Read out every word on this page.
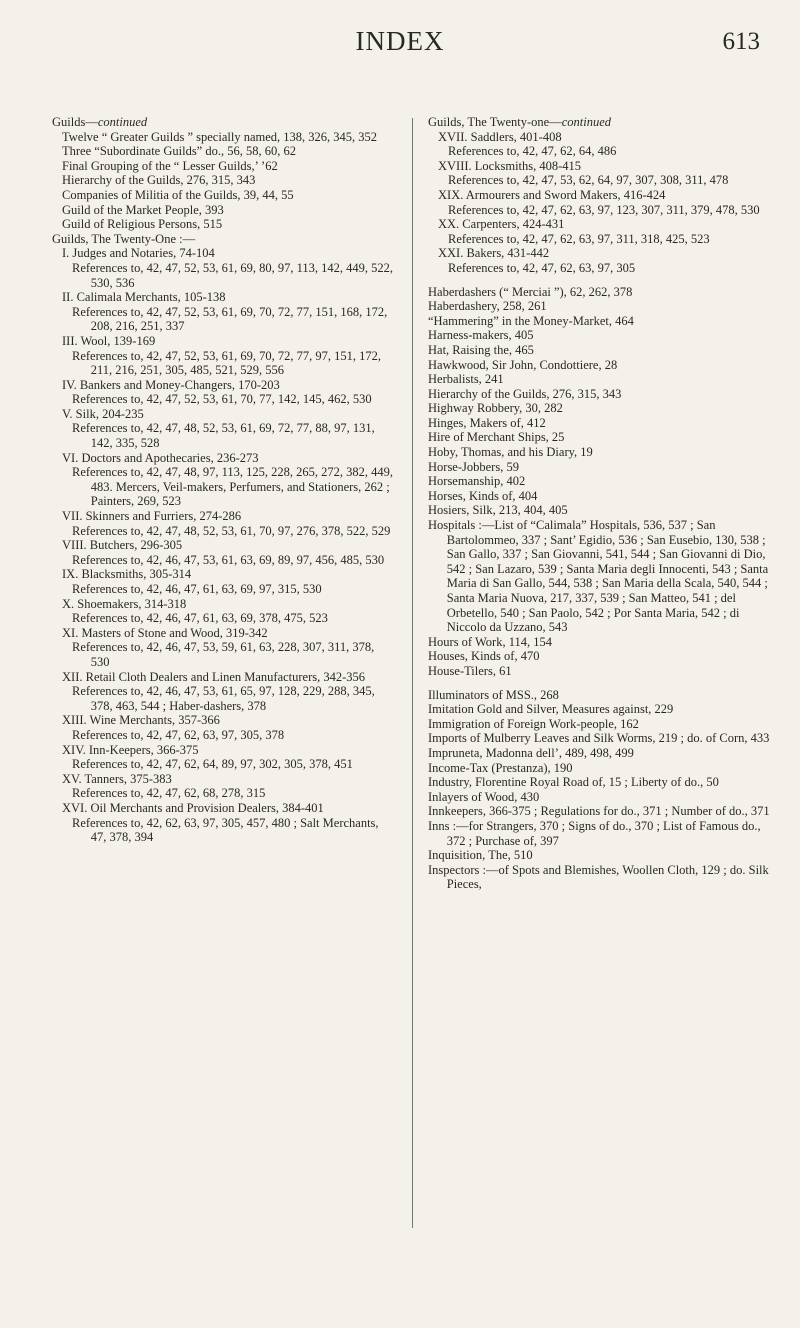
INDEX	613

Guilds—continued

Twelve “ Greater Guilds ” specially named, 138, 326, 345, 352

Three “Subordinate Guilds” do., 56, 58, 60, 62

Final Grouping of the “ Lesser Guilds,’ ’62

Hierarchy of the Guilds, 276, 315, 343

Companies of Militia of the Guilds, 39, 44, 55

Guild of the Market People, 393

Guild of Religious Persons, 515

Guilds, The Twenty-One :—

I. Judges and Notaries, 74-104

References to, 42, 47, 52, 53, 61, 69, 80, 97, 113, 142, 449, 522, 530, 536

II. Calimala Merchants, 105-138

References to, 42, 47, 52, 53, 61, 69, 70, 72, 77, 151, 168, 172, 208, 216, 251, 337

III. Wool, 139-169

References to, 42, 47, 52, 53, 61, 69, 70, 72, 77, 97, 151, 172, 211, 216, 251, 305, 485, 521, 529, 556

IV. Bankers and Money-Changers, 170-203

References to, 42, 47, 52, 53, 61, 70, 77, 142, 145, 462, 530

V. Silk, 204-235

References to, 42, 47, 48, 52, 53, 61, 69, 72, 77, 88, 97, 131, 142, 335, 528

VI. Doctors and Apothecaries, 236-273

References to, 42, 47, 48, 97, 113, 125, 228, 265, 272, 382, 449, 483. Mercers, Veil-makers, Perfumers, and Stationers, 262 ; Painters, 269, 523

VII. Skinners and Furriers, 274-286

References to, 42, 47, 48, 52, 53, 61, 70, 97, 276, 378, 522, 529

VIII. Butchers, 296-305

References to, 42, 46, 47, 53, 61, 63, 69, 89, 97, 456, 485, 530

IX. Blacksmiths, 305-314

References to, 42, 46, 47, 61, 63, 69, 97, 315, 530

X. Shoemakers, 314-318

References to, 42, 46, 47, 61, 63, 69, 378, 475, 523

XI. Masters of Stone and Wood, 319-342

References to, 42, 46, 47, 53, 59, 61, 63, 228, 307, 311, 378, 530

XII. Retail Cloth Dealers and Linen Manufacturers, 342-356

References to, 42, 46, 47, 53, 61, 65, 97, 128, 229, 288, 345, 378, 463, 544 ; Haber-dashers, 378

XIII. Wine Merchants, 357-366

References to, 42, 47, 62, 63, 97, 305, 378

XIV. Inn-Keepers, 366-375

References to, 42, 47, 62, 64, 89, 97, 302, 305, 378, 451

XV. Tanners, 375-383

References to, 42, 47, 62, 68, 278, 315

XVI. Oil Merchants and Provision Dealers, 384-401

References to, 42, 62, 63, 97, 305, 457, 480 ; Salt Merchants, 47, 378, 394

Guilds, The Twenty-one—continued

XVII. Saddlers, 401-408

References to, 42, 47, 62, 64, 486

XVIII. Locksmiths, 408-415

References to, 42, 47, 53, 62, 64, 97, 307, 308, 311, 478

XIX. Armourers and Sword Makers, 416-424

References to, 42, 47, 62, 63, 97, 123, 307, 311, 379, 478, 530

XX. Carpenters, 424-431

References to, 42, 47, 62, 63, 97, 311, 318, 425, 523

XXI. Bakers, 431-442

References to, 42, 47, 62, 63, 97, 305

Haberdashers (“ Merciai ”), 62, 262, 378

Haberdashery, 258, 261

“Hammering” in the Money-Market, 464

Harness-makers, 405

Hat, Raising the, 465

Hawkwood, Sir John, Condottiere, 28

Herbalists, 241

Hierarchy of the Guilds, 276, 315, 343

Highway Robbery, 30, 282

Hinges, Makers of, 412

Hire of Merchant Ships, 25

Hoby, Thomas, and his Diary, 19

Horse-Jobbers, 59

Horsemanship, 402

Horses, Kinds of, 404

Hosiers, Silk, 213, 404, 405

Hospitals :—List of “Calimala” Hospitals, 536, 537 ; San Bartolommeo, 337 ; Sant’ Egidio, 536 ; San Eusebio, 130, 538 ; San Gallo, 337 ; San Giovanni, 541, 544 ; San Giovanni di Dio, 542 ; San Lazaro, 539 ; Santa Maria degli Innocenti, 543 ; Santa Maria di San Gallo, 544, 538 ; San Maria della Scala, 540, 544 ; Santa Maria Nuova, 217, 337, 539 ; San Matteo, 541 ; del Orbetello, 540 ; San Paolo, 542 ; Por Santa Maria, 542 ; di Niccolo da Uzzano, 543

Hours of Work, 114, 154

Houses, Kinds of, 470

House-Tilers, 61

Illuminators of MSS., 268

Imitation Gold and Silver, Measures against, 229

Immigration of Foreign Work-people, 162

Imports of Mulberry Leaves and Silk Worms, 219 ; do. of Corn, 433

Impruneta, Madonna dell’, 489, 498, 499

Income-Tax (Prestanza), 190

Industry, Florentine Royal Road of, 15 ; Liberty of do., 50

Inlayers of Wood, 430

Innkeepers, 366-375 ; Regulations for do., 371 ; Number of do., 371

Inns :—for Strangers, 370 ; Signs of do., 370 ; List of Famous do., 372 ; Purchase of, 397

Inquisition, The, 510

Inspectors :—of Spots and Blemishes, Woollen Cloth, 129 ; do. Silk Pieces,
